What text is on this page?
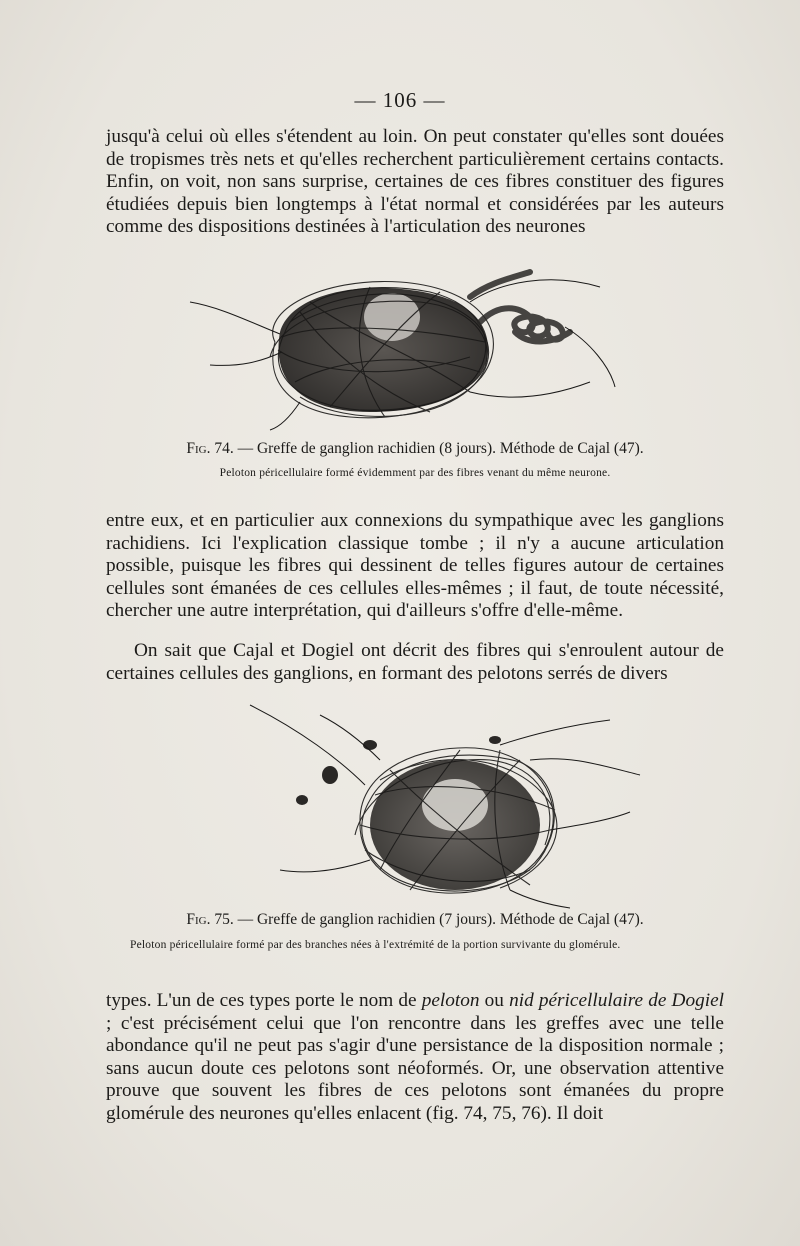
— 106 —

jusqu'à celui où elles s'étendent au loin. On peut constater qu'elles sont douées de tropismes très nets et qu'elles recherchent particulièrement certains contacts. Enfin, on voit, non sans surprise, certaines de ces fibres constituer des figures étudiées depuis bien longtemps à l'état normal et considérées par les auteurs comme des dispositions destinées à l'articulation des neurones

Fig. 74. — Greffe de ganglion rachidien (8 jours). Méthode de Cajal (47).

Peloton péricellulaire formé évidemment par des fibres venant du même neurone.

entre eux, et en particulier aux connexions du sympathique avec les ganglions rachidiens. Ici l'explication classique tombe ; il n'y a aucune articulation possible, puisque les fibres qui dessinent de telles figures autour de certaines cellules sont émanées de ces cellules elles-mêmes ; il faut, de toute nécessité, chercher une autre interprétation, qui d'ailleurs s'offre d'elle-même.

On sait que Cajal et Dogiel ont décrit des fibres qui s'enroulent autour de certaines cellules des ganglions, en formant des pelotons serrés de divers

Fig. 75. — Greffe de ganglion rachidien (7 jours). Méthode de Cajal (47).

Peloton péricellulaire formé par des branches nées à l'extrémité de la portion survivante du glomérule.

types. L'un de ces types porte le nom de peloton ou nid péricellulaire de Dogiel ; c'est précisément celui que l'on rencontre dans les greffes avec une telle abondance qu'il ne peut pas s'agir d'une persistance de la disposition normale ; sans aucun doute ces pelotons sont néoformés. Or, une observation attentive prouve que souvent les fibres de ces pelotons sont émanées du propre glomérule des neurones qu'elles enlacent (fig. 74, 75, 76). Il doit
